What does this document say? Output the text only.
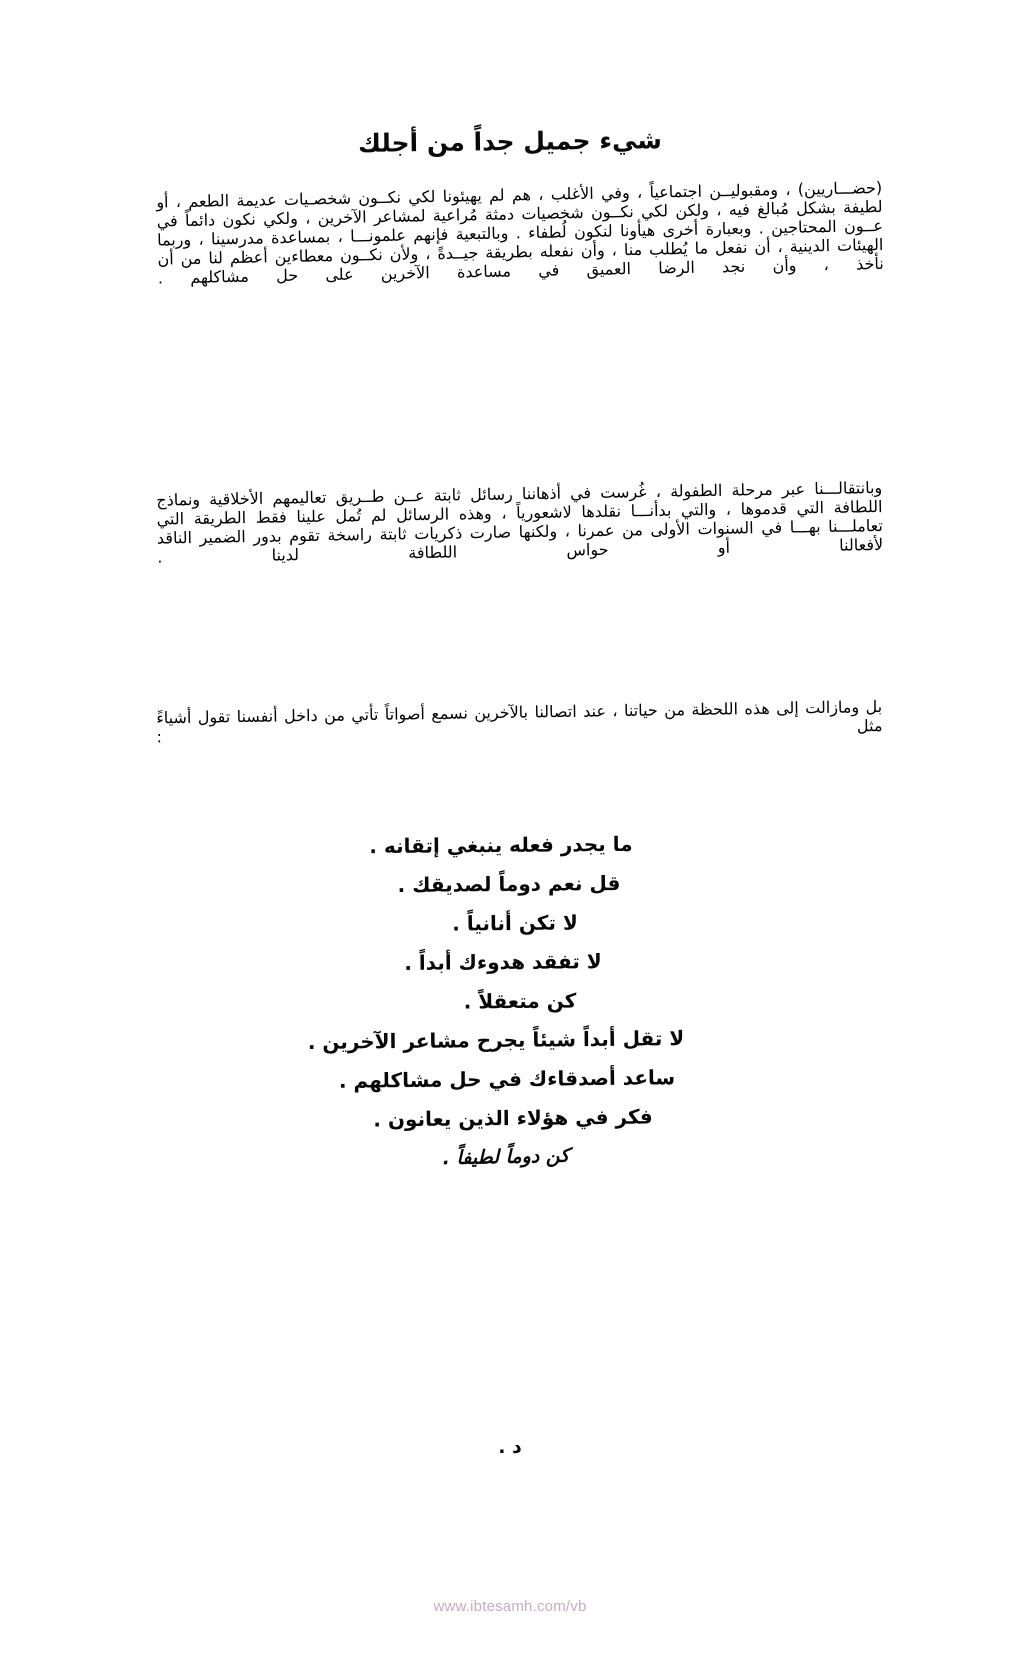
شيء جميل جداً من أجلك

(حضـــاريين) ، ومقبوليــن اجتماعياً ، وفي الأغلب ، هم لم يهيئونا لكي نكــون شخصـيات عديمة الطعم ، أو لطيفة بشكل مُبالغ فيه ، ولكن لكي نكــون شخصيات دمثة مُراعية لمشاعر الآخرين ، ولكي نكون دائماً في عــون المحتاجين . وبعبارة أخرى هيأونا لنكون لُطفاء . وبالتبعية فإنهم علمونـــا ، بمساعدة مدرسينا ، وربما الهيئات الدينية ، أن نفعل ما يُطلب منا ، وأن نفعله بطريقة جيــدةً ، ولأن نكــون معطاءين أعظم لنا من أن نأخذ ، وأن نجد الرضا العميق في مساعدة الآخرين على حل مشاكلهم .

وبانتقالـــنا عبر مرحلة الطفولة ، غُرست في أذهاننا رسائل ثابتة عــن طــريق تعاليمهم الأخلاقية ونماذج اللطافة التي قدموها ، والتي بدأنـــا نقلدها لاشعورياً ، وهذه الرسائل لم تُمل علينا فقط الطريقة التي تعاملـــنا بهـــا في السنوات الأولى من عمرنا ، ولكنها صارت ذكريات ثابتة راسخة تقوم بدور الضمير الناقد لأفعالنا أو حواس اللطافة لدينا .

بل ومازالت إلى هذه اللحظة من حياتنا ، عند اتصالنا بالآخرين نسمع أصواتاً تأتي من داخل أنفسنا تقول أشياءً مثل :

ما يجدر فعله ينبغي إتقانه .
قل نعم دوماً لصديقك .
لا تكن أنانياً .
لا تفقد هدوءك أبداً .
كن متعقلاً .
لا تقل أبداً شيئاً يجرح مشاعر الآخرين .
ساعد أصدقاءك في حل مشاكلهم .
فكر في هؤلاء الذين يعانون .
كن دوماً لطيفاً .
د .
www.ibtesamh.com/vb
